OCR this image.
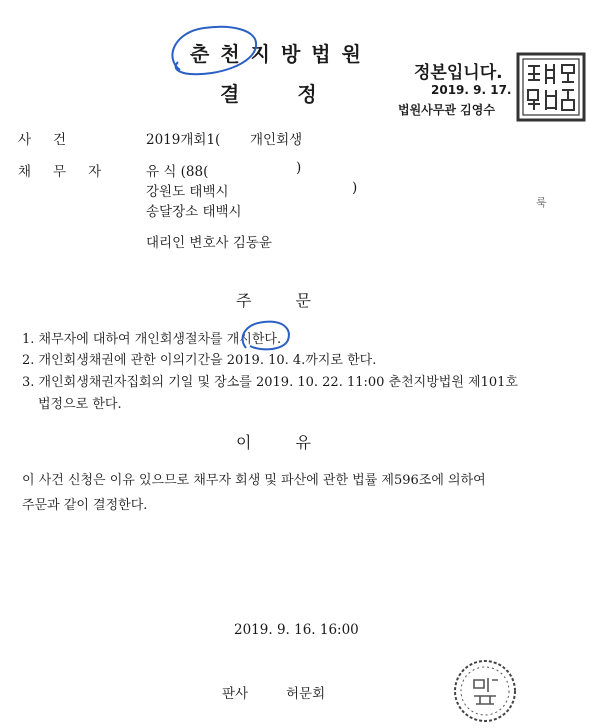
춘천지방법원
결정
정본입니다.
2019. 9. 17.
법원사무관 김영수
사건	2019개회1( 개인회생
채무자 유 식 (88(	)
강원도 태백시	)
송달장소 태백시
룩
대리인 변호사 김동윤
주문
1. 채무자에 대하여 개인회생절차를 개시한다.
2. 개인회생채권에 관한 이의기간을 2019. 10. 4.까지로 한다.
3. 개인회생채권자집회의 기일 및 장소를 2019. 10. 22. 11:00 춘천지방법원 제101호
법정으로 한다.
이유
이 사건 신청은 이유 있으므로 채무자 회생 및 파산에 관한 법률 제596조에 의하여
주문과 같이 결정한다.
2019. 9. 16. 16:00
판사	허문회
